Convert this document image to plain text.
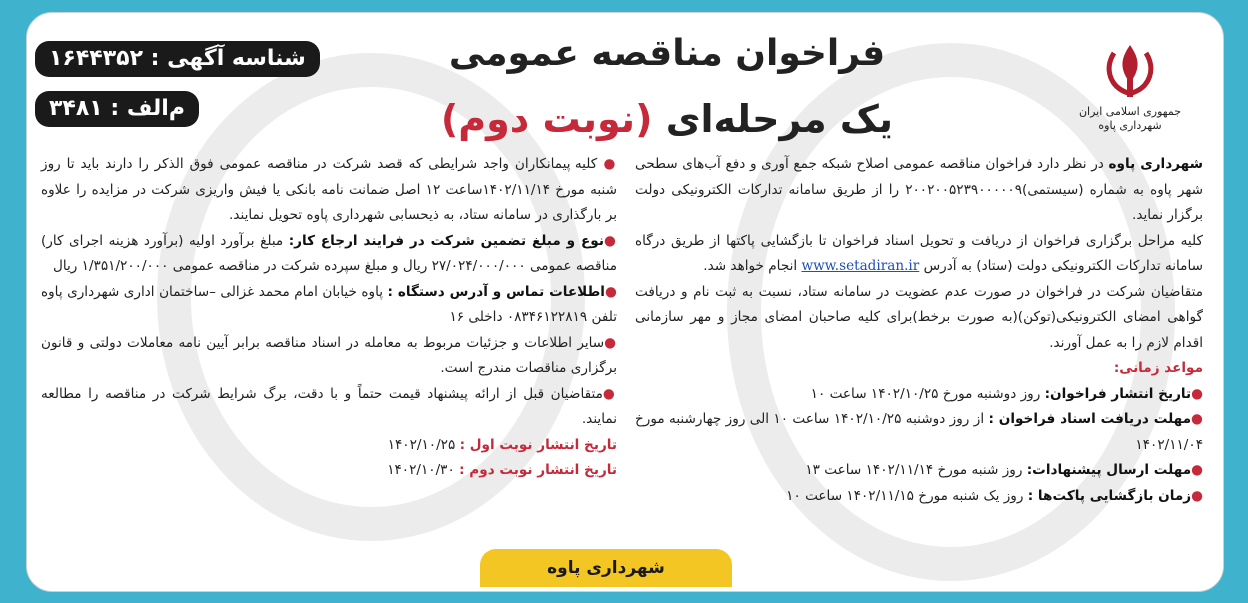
شناسه آگهی : ۱۶۴۴۳۵۲
م‌الف : ۳۴۸۱
فراخوان مناقصه عمومی
یک مرحله‌ای (نوبت دوم)	جمهوری اسلامی ایران
شهرداری پاوه
شهرداری پاوه در نظر دارد فراخوان مناقصه عمومی اصلاح شبکه جمع آوری و دفع آب‌های سطحی شهر پاوه به شماره (سیستمی)۲۰۰۲۰۰۵۲۳۹۰۰۰۰۰۹ را از طریق سامانه تدارکات الکترونیکی دولت برگزار نماید.
کلیه مراحل برگزاری فراخوان از دریافت و تحویل اسناد فراخوان تا بازگشایی پاکتها از طریق درگاه سامانه تدارکات الکترونیکی دولت (ستاد) به آدرس www.setadiran.ir انجام خواهد شد.
متقاضیان شرکت در فراخوان در صورت عدم عضویت در سامانه ستاد، نسبت به ثبت نام و دریافت گواهی امضای الکترونیکی(توکن)(به صورت برخط)برای کلیه صاحبان امضای مجاز و مهر سازمانی اقدام لازم را به عمل آورند.
مواعد زمانی:
●تاریخ انتشار فراخوان: روز دوشنبه مورخ ۱۴۰۲/۱۰/۲۵ ساعت ۱۰
●مهلت دریافت اسناد فراخوان : از روز دوشنبه ۱۴۰۲/۱۰/۲۵ ساعت ۱۰ الی روز چهارشنبه مورخ ۱۴۰۲/۱۱/۰۴
●مهلت ارسال پیشنهادات: روز شنبه مورخ ۱۴۰۲/۱۱/۱۴ ساعت ۱۳
●زمان بازگشایی پاکت‌ها : روز یک شنبه مورخ ۱۴۰۲/۱۱/۱۵ ساعت ۱۰
● کلیه پیمانکاران واجد شرایطی که قصد شرکت در مناقصه عمومی فوق الذکر را دارند باید تا روز شنبه مورخ ۱۴۰۲/۱۱/۱۴ساعت ۱۲ اصل ضمانت نامه بانکی یا فیش واریزی شرکت در مزایده را علاوه بر بارگذاری در سامانه ستاد، به ذیحسابی شهرداری پاوه تحویل نمایند.
●نوع و مبلغ تضمین شرکت در فرایند ارجاع کار: مبلغ برآورد اولیه (برآورد هزینه اجرای کار) مناقصه عمومی ۲۷/۰۲۴/۰۰۰/۰۰۰ ریال و مبلغ سپرده شرکت در مناقصه عمومی ۱/۳۵۱/۲۰۰/۰۰۰ ریال
●اطلاعات تماس و آدرس دستگاه : پاوه خیابان امام محمد غزالی –ساختمان اداری شهرداری پاوه تلفن ۰۸۳۴۶۱۲۲۸۱۹ داخلی ۱۶
●سایر اطلاعات و جزئیات مربوط به معامله در اسناد مناقصه برابر آیین نامه معاملات دولتی و قانون برگزاری مناقصات مندرج است.
●متقاضیان قبل از ارائه پیشنهاد قیمت حتماً و با دقت، برگ شرایط شرکت در مناقصه را مطالعه نمایند.
تاریخ انتشار نوبت اول : ۱۴۰۲/۱۰/۲۵
تاریخ انتشار نوبت دوم : ۱۴۰۲/۱۰/۳۰
شهرداری پاوه
